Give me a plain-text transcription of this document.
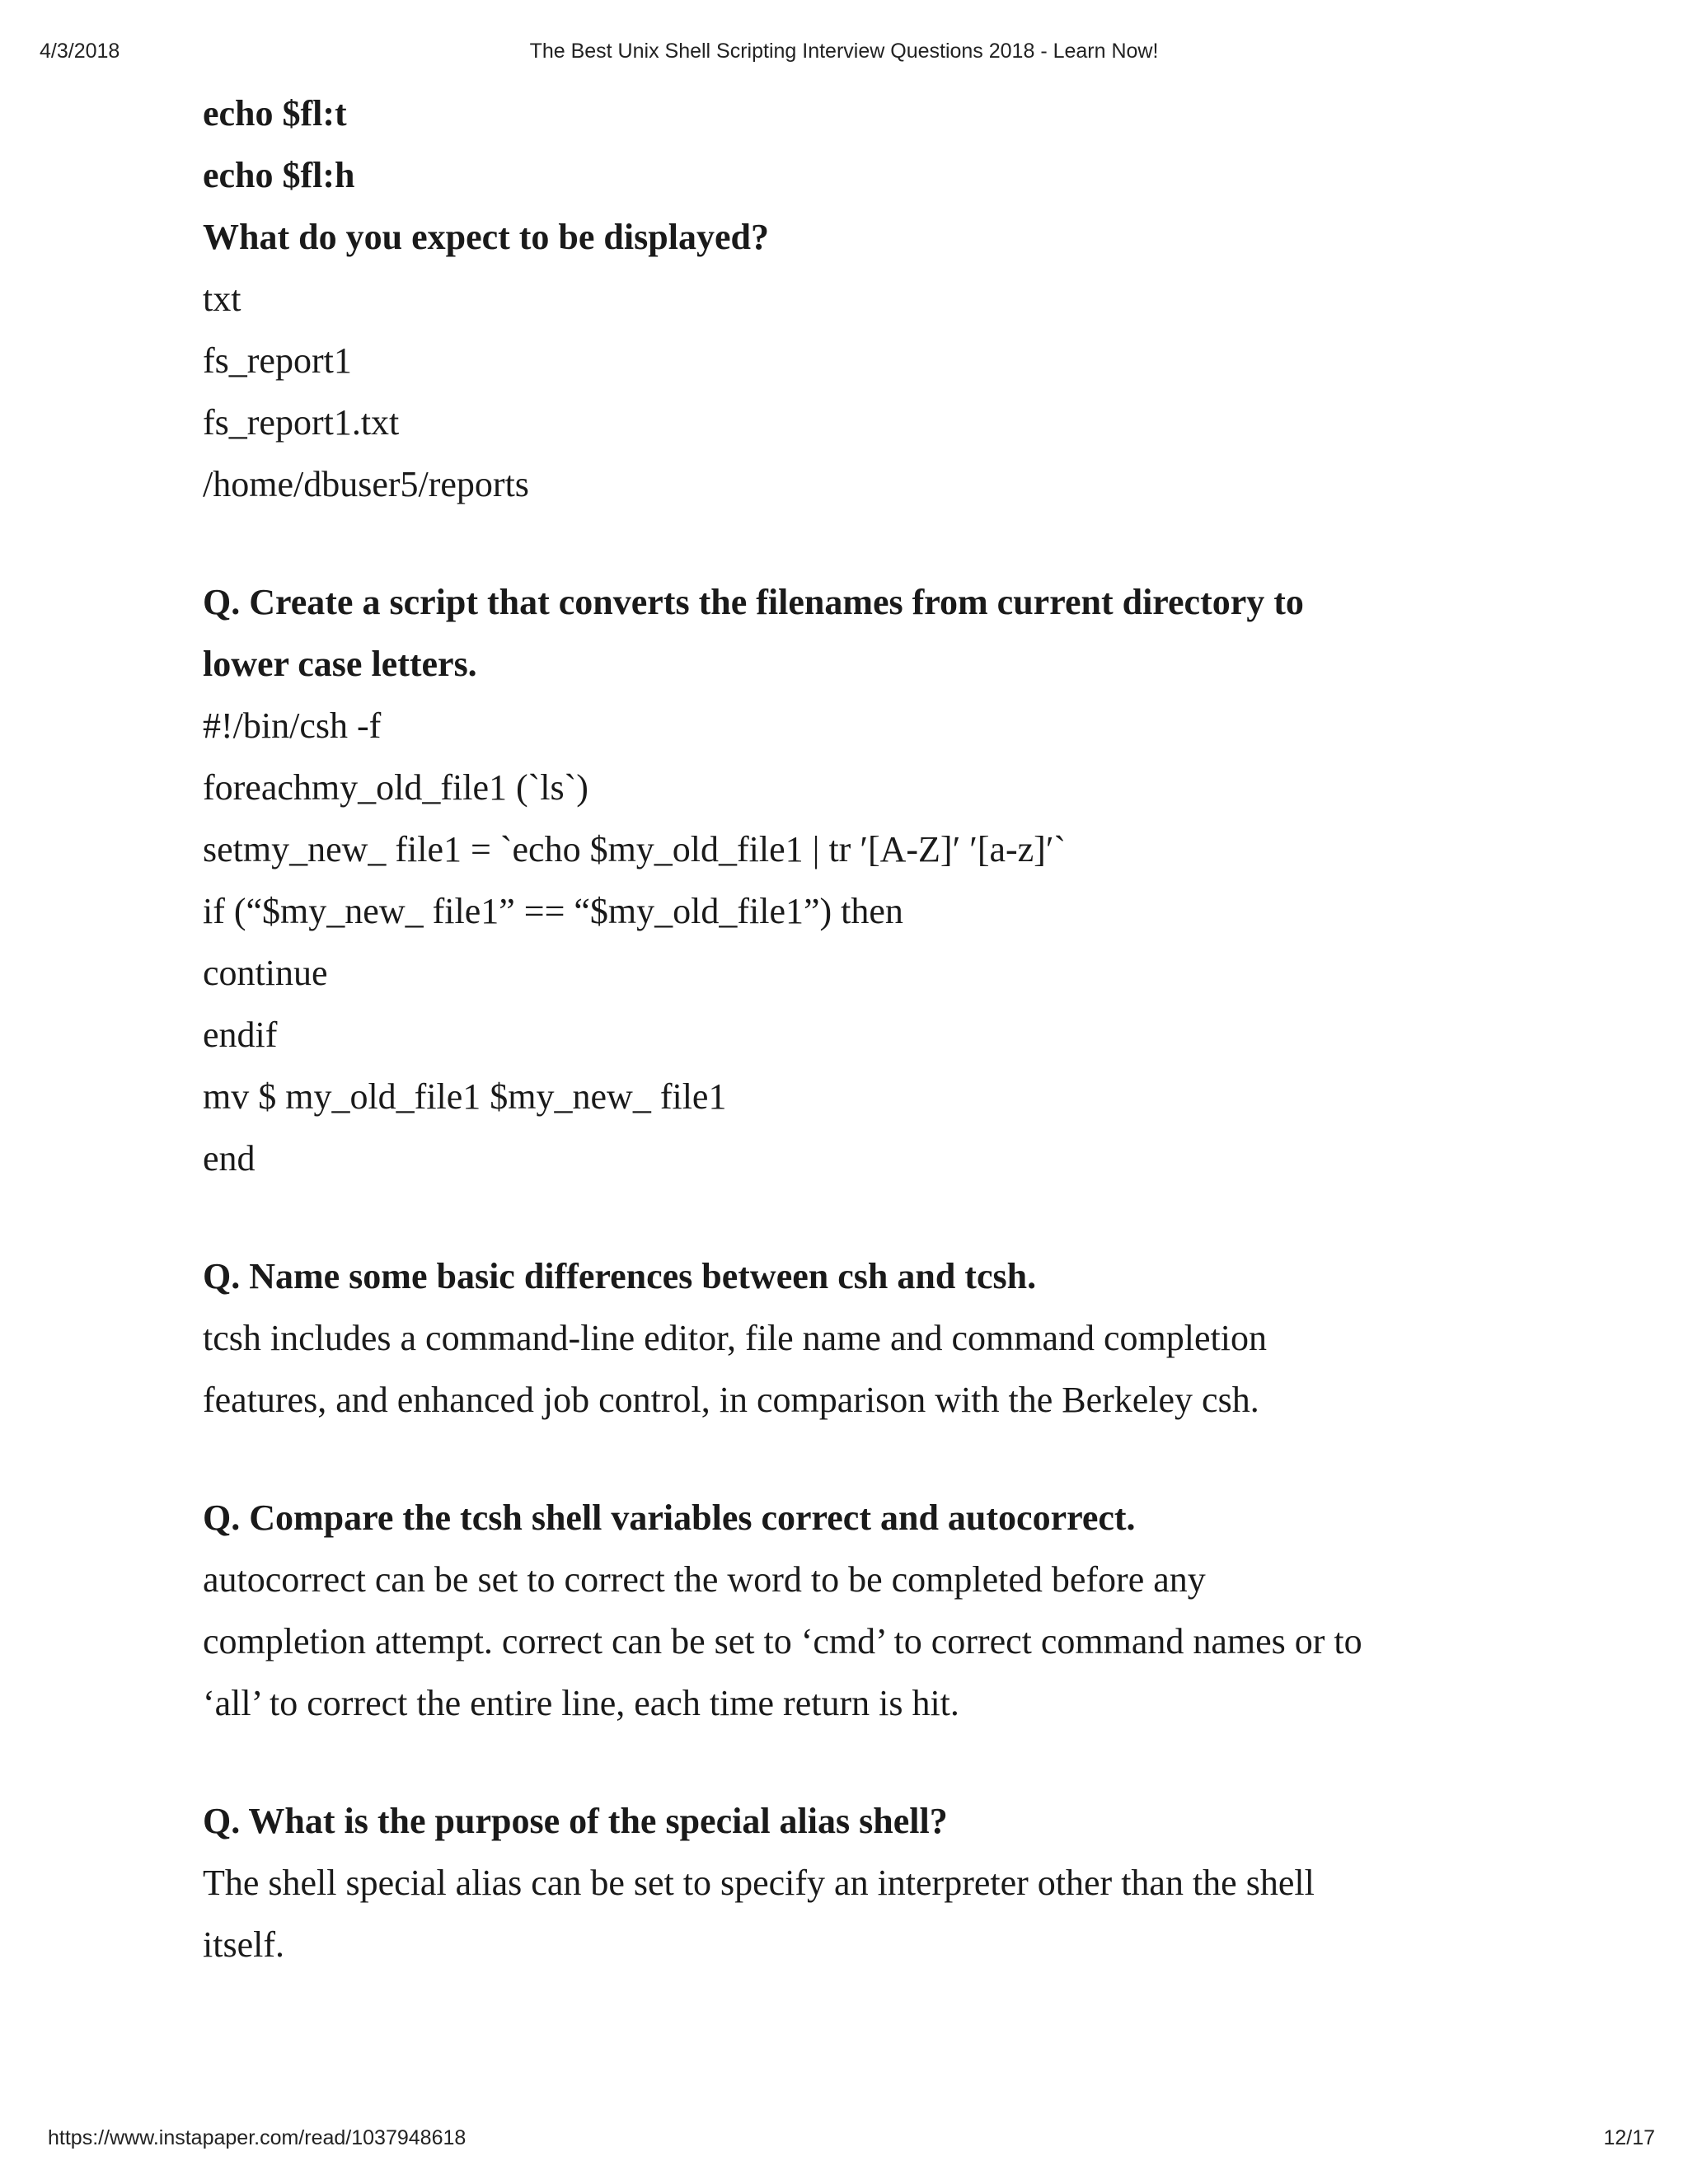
4/3/2018	The Best Unix Shell Scripting Interview Questions 2018 - Learn Now!
echo $fl:t
echo $fl:h
What do you expect to be displayed?
txt
fs_report1
fs_report1.txt
/home/dbuser5/reports
Q. Create a script that converts the filenames from current directory to
lower case letters.
#!/bin/csh -f
foreachmy_old_file1 (`ls`)
setmy_new_ file1 = `echo $my_old_file1 | tr ′[A-Z]′ ′[a-z]′`
if (“$my_new_ file1” == “$my_old_file1”) then
continue
endif
mv $ my_old_file1 $my_new_ file1
end
Q. Name some basic differences between csh and tcsh.
tcsh includes a command-line editor, file name and command completion
features, and enhanced job control, in comparison with the Berkeley csh.
Q. Compare the tcsh shell variables correct and autocorrect.
autocorrect can be set to correct the word to be completed before any
completion attempt. correct can be set to ‘cmd’ to correct command names or to
‘all’ to correct the entire line, each time return is hit.
Q. What is the purpose of the special alias shell?
The shell special alias can be set to specify an interpreter other than the shell
itself.
https://www.instapaper.com/read/1037948618	12/17
